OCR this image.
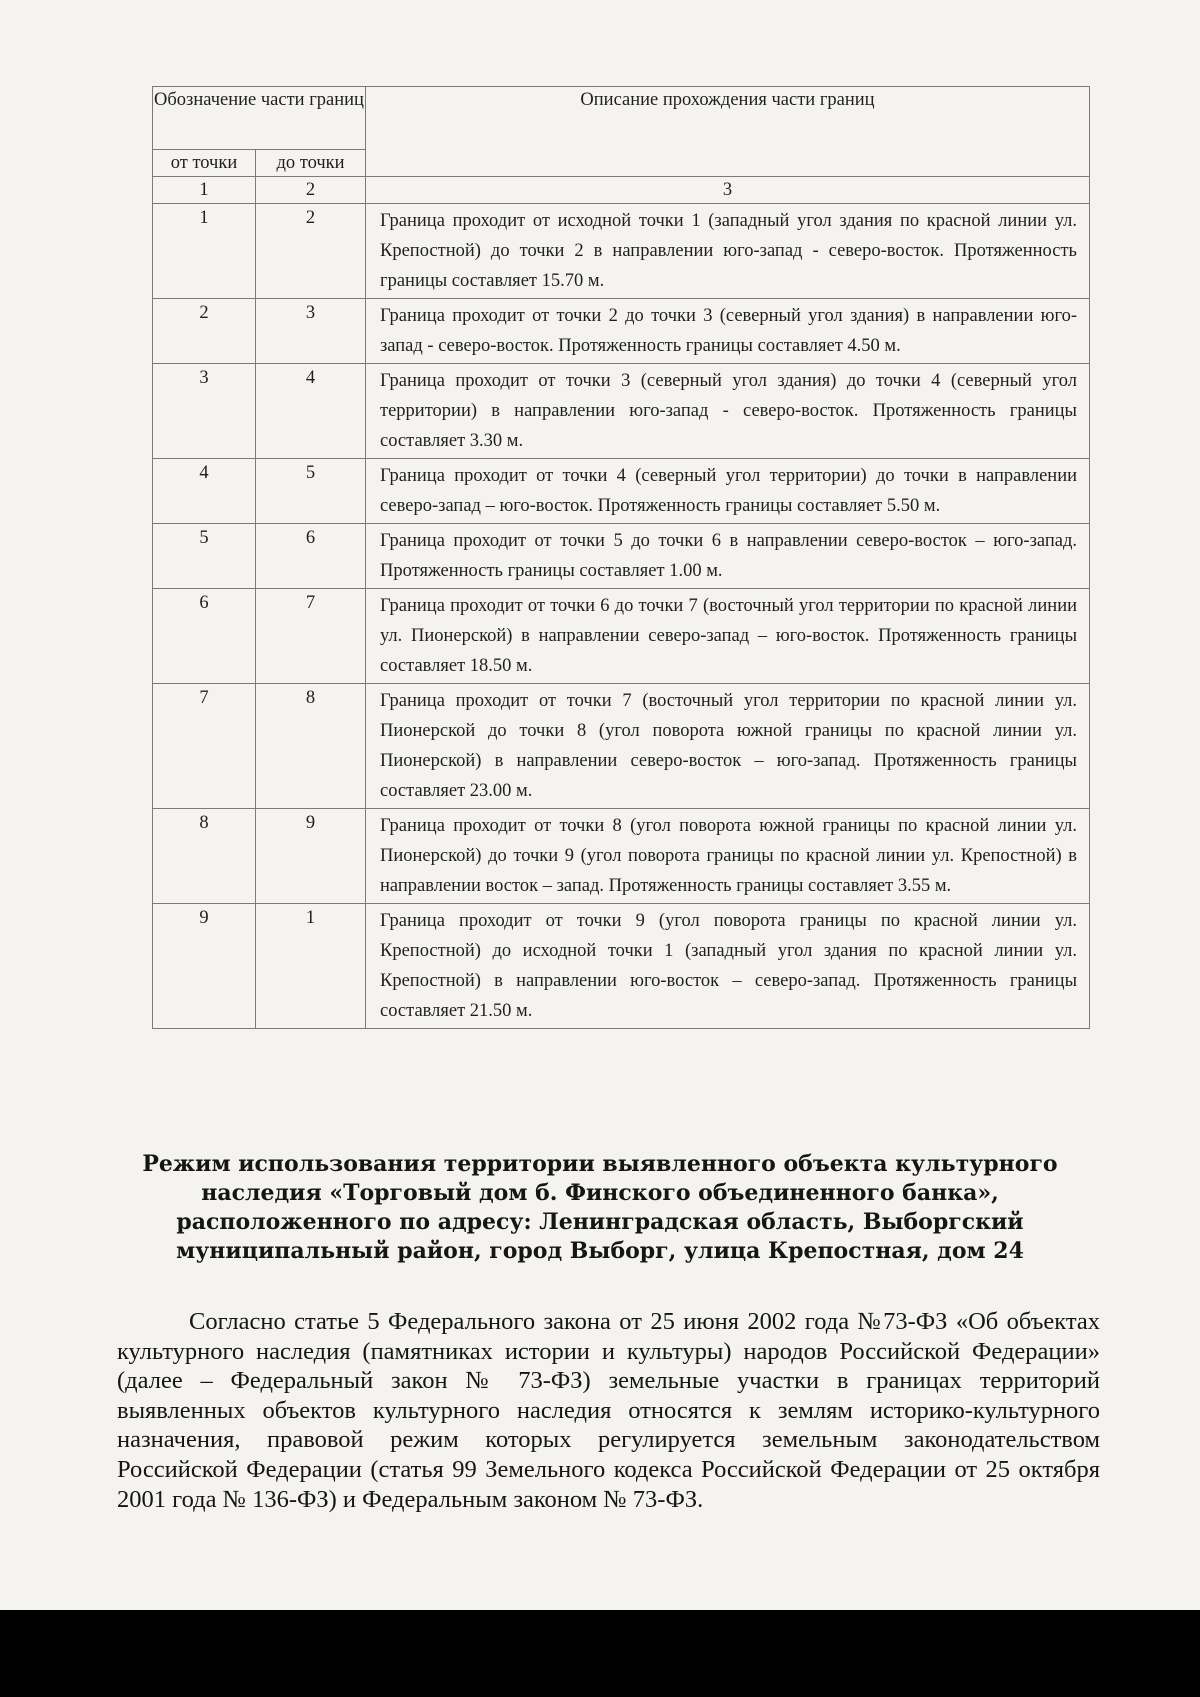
Обозначение части границ		Описание прохождения части границ
от точки	до точки	
1	2	3
1	2	Граница проходит от исходной точки 1 (западный угол здания по красной линии ул. Крепостной) до точки 2 в направлении юго-запад - северо-восток. Протяженность границы составляет 15.70 м.
2	3	Граница проходит от точки 2 до точки 3 (северный угол здания) в направлении юго-запад - северо-восток. Протяженность границы составляет 4.50 м.
3	4	Граница проходит от точки 3 (северный угол здания) до точки 4 (северный угол территории) в направлении юго-запад - северо-восток. Протяженность границы составляет 3.30 м.
4	5	Граница проходит от точки 4 (северный угол территории) до точки в направлении северо-запад – юго-восток. Протяженность границы составляет 5.50 м.
5	6	Граница проходит от точки 5 до точки 6 в направлении северо-восток – юго-запад. Протяженность границы составляет 1.00 м.
6	7	Граница проходит от точки 6 до точки 7 (восточный угол территории по красной линии ул. Пионерской) в направлении северо-запад – юго-восток. Протяженность границы составляет 18.50 м.
7	8	Граница проходит от точки 7 (восточный угол территории по красной линии ул. Пионерской до точки 8 (угол поворота южной границы по красной линии ул. Пионерской) в направлении северо-восток – юго-запад. Протяженность границы составляет 23.00 м.
8	9	Граница проходит от точки 8 (угол поворота южной границы по красной линии ул. Пионерской) до точки 9 (угол поворота границы по красной линии ул. Крепостной) в направлении восток – запад. Протяженность границы составляет 3.55 м.
9	1	Граница проходит от точки 9 (угол поворота границы по красной линии ул. Крепостной) до исходной точки 1 (западный угол здания по красной линии ул. Крепостной) в направлении юго-восток – северо-запад. Протяженность границы составляет 21.50 м.
Режим использования территории выявленного объекта культурного наследия «Торговый дом б. Финского объединенного банка», расположенного по адресу: Ленинградская область, Выборгский муниципальный район, город Выборг, улица Крепостная, дом 24

Согласно статье 5 Федерального закона от 25 июня 2002 года №73-ФЗ «Об объектах культурного наследия (памятниках истории и культуры) народов Российской Федерации» (далее – Федеральный закон № 73-ФЗ) земельные участки в границах территорий выявленных объектов культурного наследия относятся к землям историко-культурного назначения, правовой режим которых регулируется земельным законодательством Российской Федерации (статья 99 Земельного кодекса Российской Федерации от 25 октября 2001 года № 136-ФЗ) и Федеральным законом № 73-ФЗ.
